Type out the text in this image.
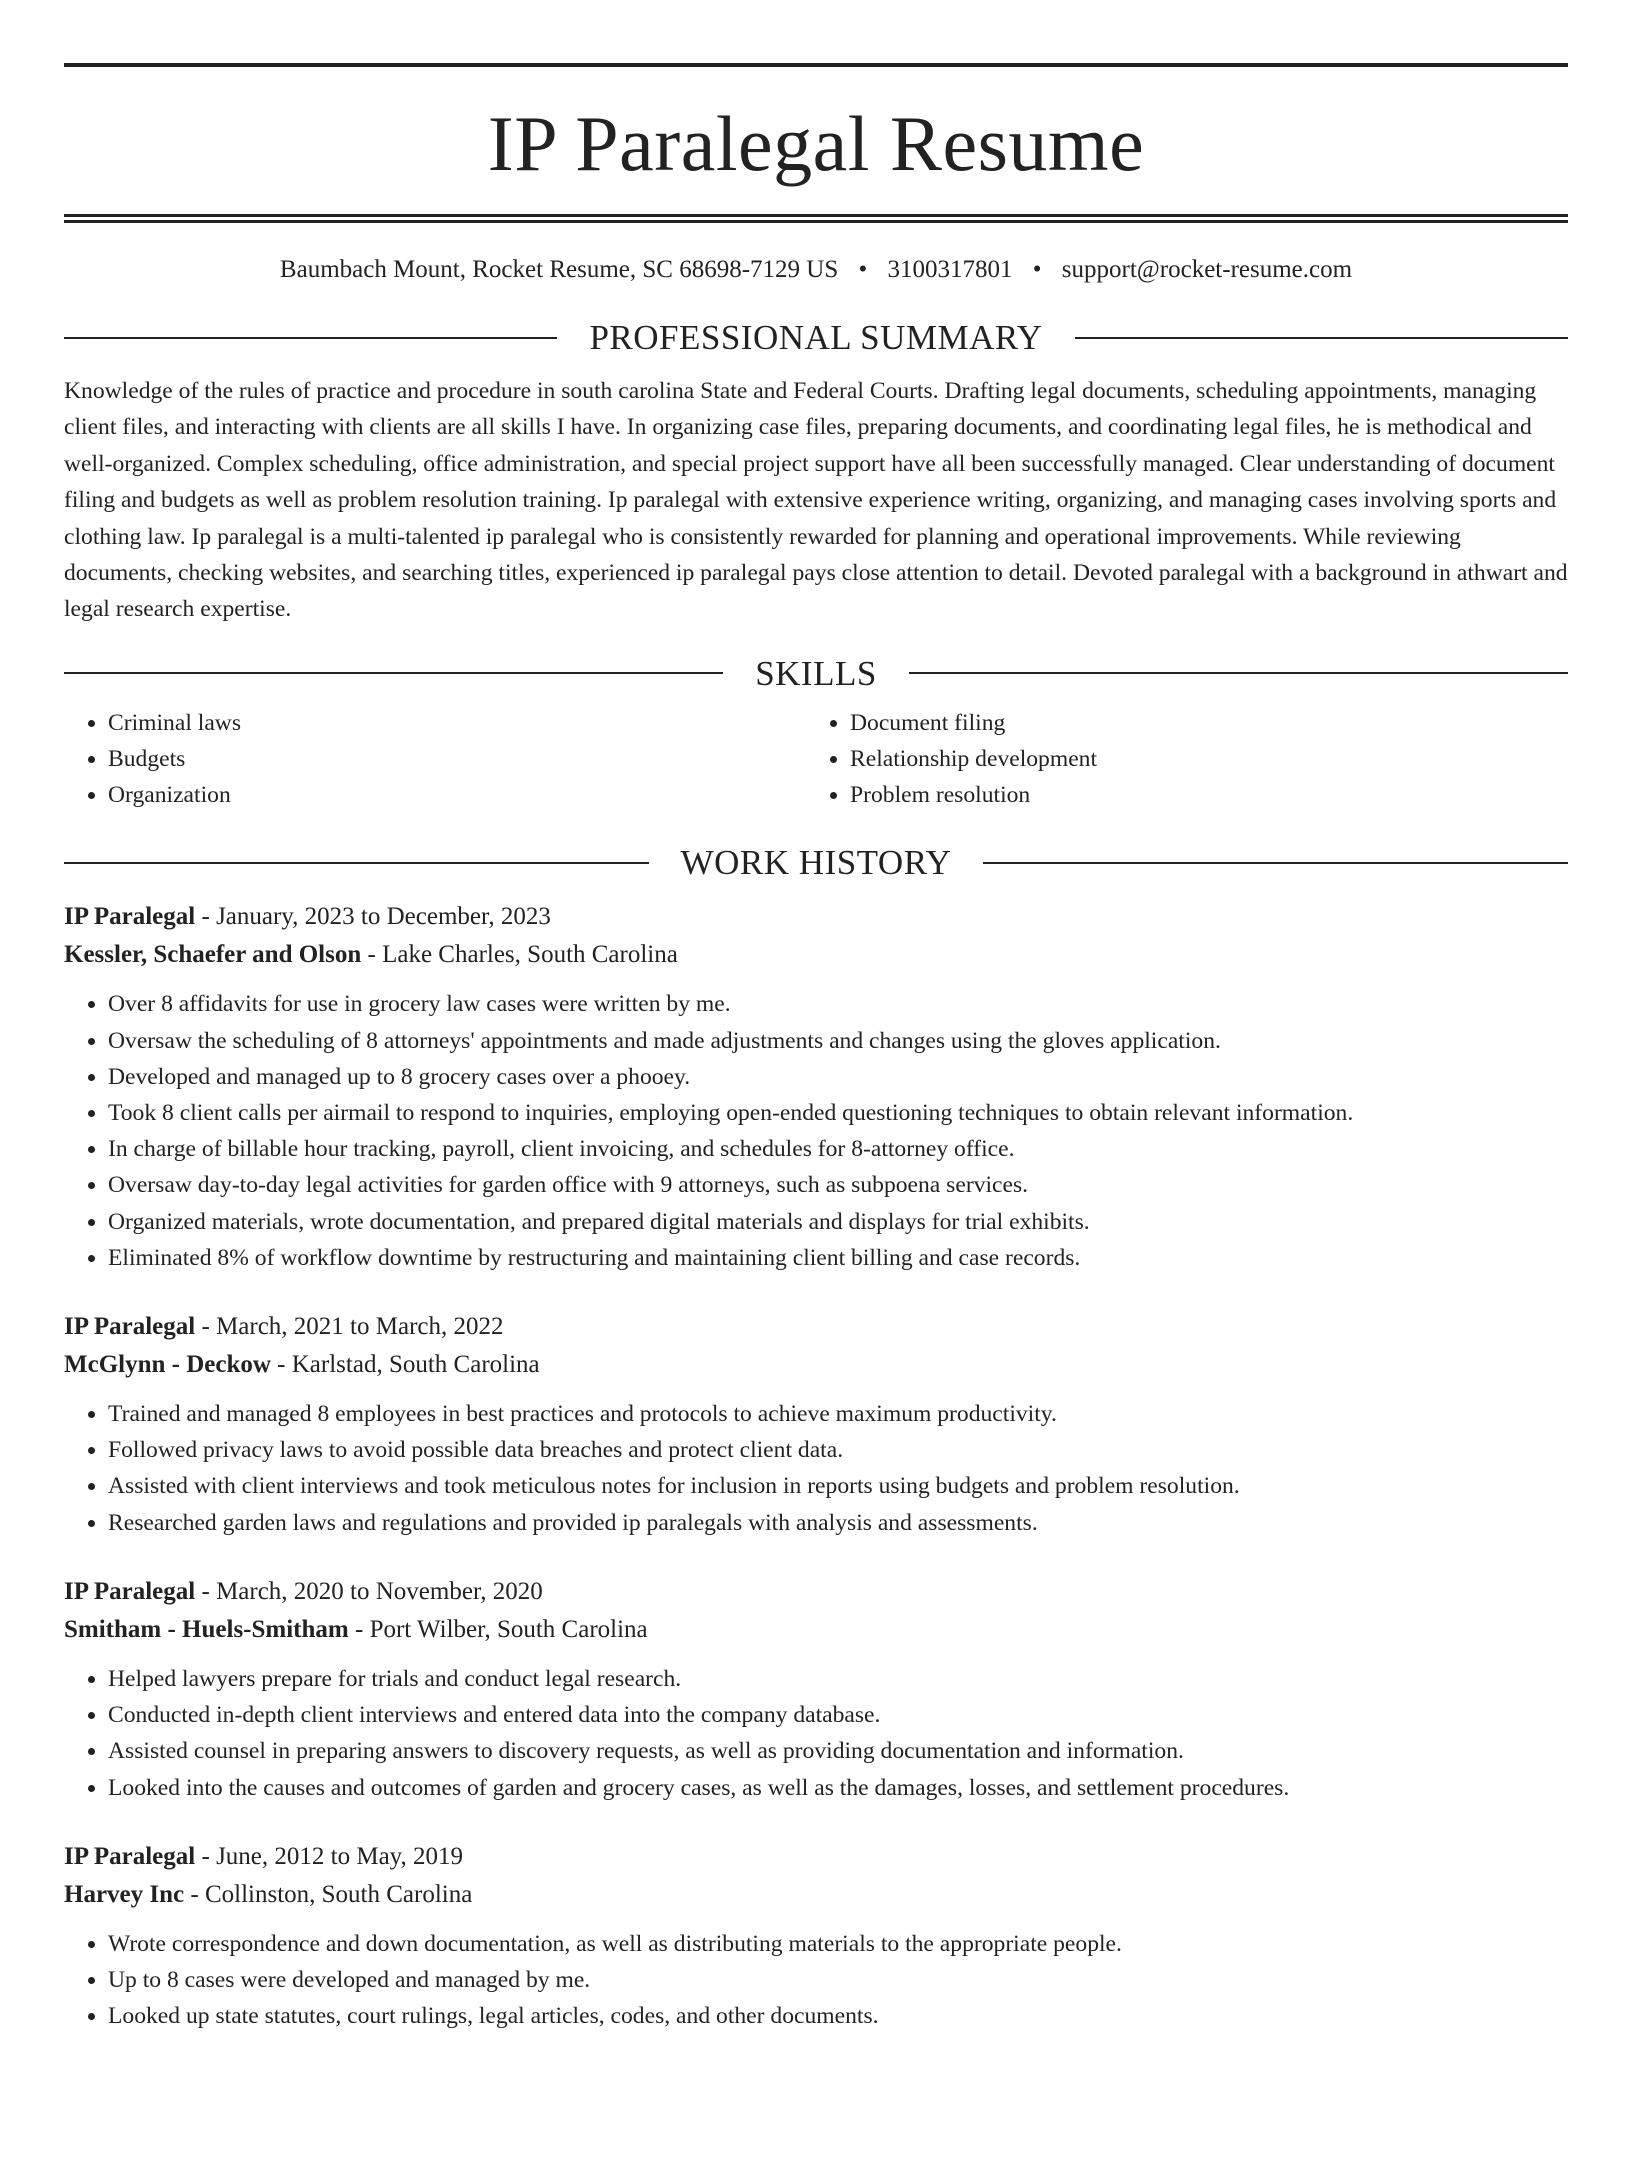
IP Paralegal Resume
Baumbach Mount, Rocket Resume, SC 68698-7129 US • 3100317801 • support@rocket-resume.com
PROFESSIONAL SUMMARY

Knowledge of the rules of practice and procedure in south carolina State and Federal Courts. Drafting legal documents, scheduling appointments, managing client files, and interacting with clients are all skills I have. In organizing case files, preparing documents, and coordinating legal files, he is methodical and well-organized. Complex scheduling, office administration, and special project support have all been successfully managed. Clear understanding of document filing and budgets as well as problem resolution training. Ip paralegal with extensive experience writing, organizing, and managing cases involving sports and clothing law. Ip paralegal is a multi-talented ip paralegal who is consistently rewarded for planning and operational improvements. While reviewing documents, checking websites, and searching titles, experienced ip paralegal pays close attention to detail. Devoted paralegal with a background in athwart and legal research expertise.

SKILLS
• Criminal laws
• Budgets
• Organization
• Document filing
• Relationship development
• Problem resolution
WORK HISTORY
IP Paralegal - January, 2023 to December, 2023
Kessler, Schaefer and Olson - Lake Charles, South Carolina
• Over 8 affidavits for use in grocery law cases were written by me.
• Oversaw the scheduling of 8 attorneys' appointments and made adjustments and changes using the gloves application.
• Developed and managed up to 8 grocery cases over a phooey.
• Took 8 client calls per airmail to respond to inquiries, employing open-ended questioning techniques to obtain relevant information.
• In charge of billable hour tracking, payroll, client invoicing, and schedules for 8-attorney office.
• Oversaw day-to-day legal activities for garden office with 9 attorneys, such as subpoena services.
• Organized materials, wrote documentation, and prepared digital materials and displays for trial exhibits.
• Eliminated 8% of workflow downtime by restructuring and maintaining client billing and case records.
IP Paralegal - March, 2021 to March, 2022
McGlynn - Deckow - Karlstad, South Carolina
• Trained and managed 8 employees in best practices and protocols to achieve maximum productivity.
• Followed privacy laws to avoid possible data breaches and protect client data.
• Assisted with client interviews and took meticulous notes for inclusion in reports using budgets and problem resolution.
• Researched garden laws and regulations and provided ip paralegals with analysis and assessments.
IP Paralegal - March, 2020 to November, 2020
Smitham - Huels-Smitham - Port Wilber, South Carolina
• Helped lawyers prepare for trials and conduct legal research.
• Conducted in-depth client interviews and entered data into the company database.
• Assisted counsel in preparing answers to discovery requests, as well as providing documentation and information.
• Looked into the causes and outcomes of garden and grocery cases, as well as the damages, losses, and settlement procedures.
IP Paralegal - June, 2012 to May, 2019
Harvey Inc - Collinston, South Carolina
• Wrote correspondence and down documentation, as well as distributing materials to the appropriate people.
• Up to 8 cases were developed and managed by me.
• Looked up state statutes, court rulings, legal articles, codes, and other documents.
